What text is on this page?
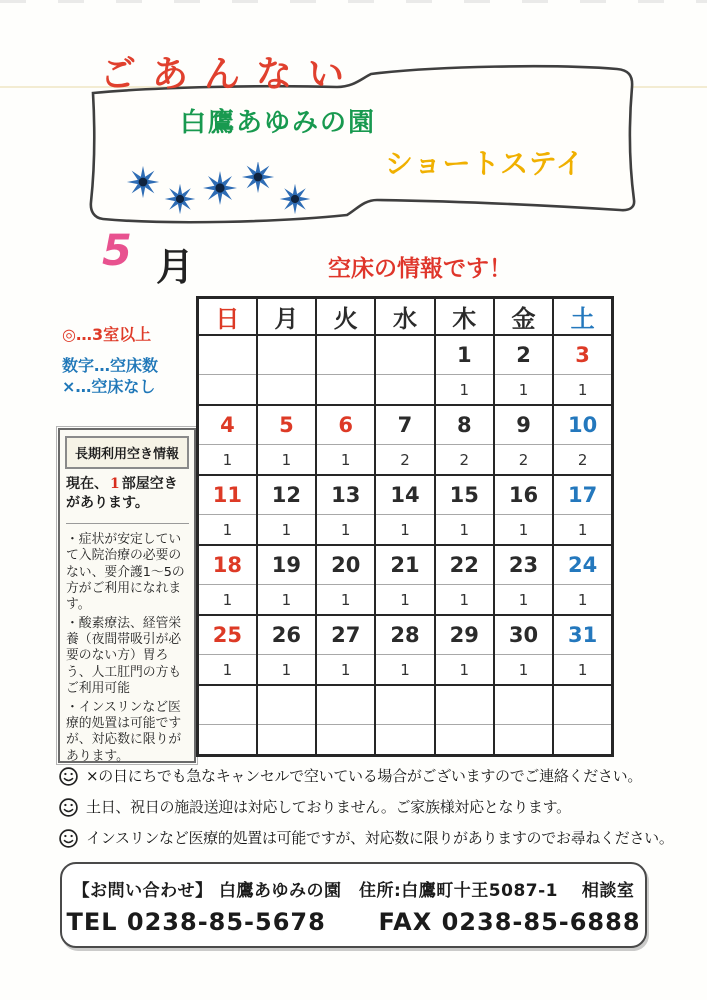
ごあんない
白鷹あゆみの園
ショートステイ
5 月	空床の情報です！
◎…3室以上
数字…空床数
×…空床なし
長期利用空き情報
現在、 1 部屋空きがあります。

・症状が安定していて入院治療の必要のない、要介護1～5の方がご利用になれます。

・酸素療法、経管栄養（夜間帯吸引が必要のない方）胃ろう、人工肛門の方もご利用可能

・インスリンなど医療的処置は可能ですが、対応数に限りがあります。

日	月	火	水	木	金	土
				1	2	3
				1	1	1
4	5	6	7	8	9	10
1	1	1	2	2	2	2
11	12	13	14	15	16	17
1	1	1	1	1	1	1
18	19	20	21	22	23	24
1	1	1	1	1	1	1
25	26	27	28	29	30	31
1	1	1	1	1	1	1

×の日にちでも急なキャンセルで空いている場合がございますのでご連絡ください。
土日、祝日の施設送迎は対応しておりません。ご家族様対応となります。
インスリンなど医療的処置は可能ですが、対応数に限りがありますのでお尋ねください。
【お問い合わせ】 白鷹あゆみの園　住所:白鷹町十王5087-1　 相談室
TEL 0238-85-5678 FAX 0238-85-6888
